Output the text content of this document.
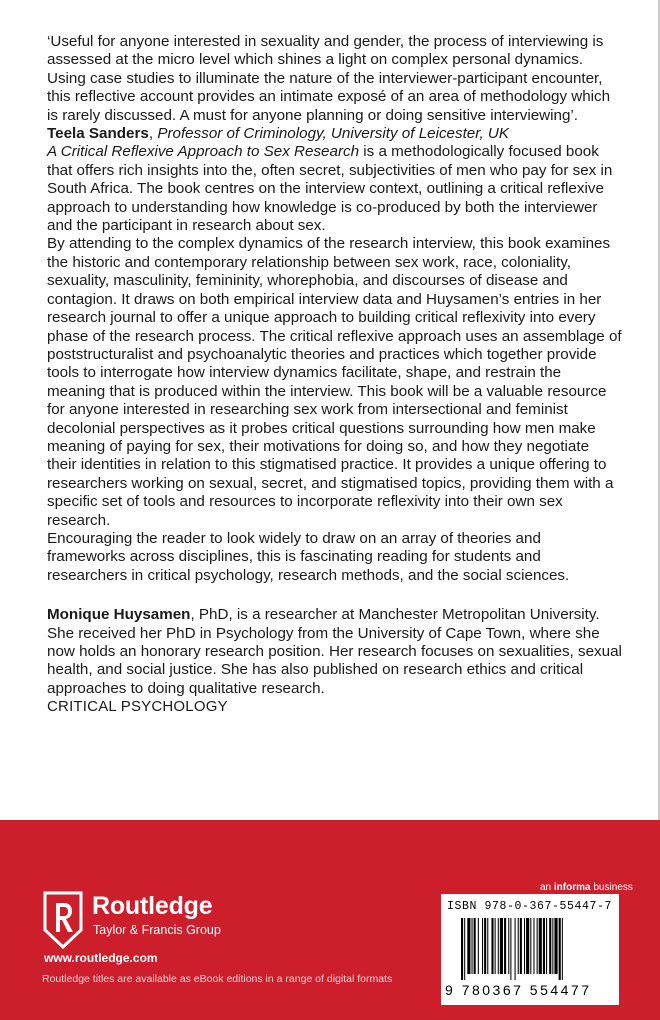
‘Useful for anyone interested in sexuality and gender, the process of interviewing is assessed at the micro level which shines a light on complex personal dynamics. Using case studies to illuminate the nature of the interviewer-participant encounter, this reflective account provides an intimate exposé of an area of methodology which is rarely discussed. A must for anyone planning or doing sensitive interviewing’.
Teela Sanders, Professor of Criminology, University of Leicester, UK

A Critical Reflexive Approach to Sex Research is a methodologically focused book that offers rich insights into the, often secret, subjectivities of men who pay for sex in South Africa. The book centres on the interview context, outlining a critical reflexive approach to understanding how knowledge is co-produced by both the interviewer and the participant in research about sex.

By attending to the complex dynamics of the research interview, this book examines the historic and contemporary relationship between sex work, race, coloniality, sexuality, masculinity, femininity, whorephobia, and discourses of disease and contagion. It draws on both empirical interview data and Huysamen’s entries in her research journal to offer a unique approach to building critical reflexivity into every phase of the research process. The critical reflexive approach uses an assemblage of poststructuralist and psychoanalytic theories and practices which together provide tools to interrogate how interview dynamics facilitate, shape, and restrain the meaning that is produced within the interview. This book will be a valuable resource for anyone interested in researching sex work from intersectional and feminist decolonial perspectives as it probes critical questions surrounding how men make meaning of paying for sex, their motivations for doing so, and how they negotiate their identities in relation to this stigmatised practice. It provides a unique offering to researchers working on sexual, secret, and stigmatised topics, providing them with a specific set of tools and resources to incorporate reflexivity into their own sex research.

Encouraging the reader to look widely to draw on an array of theories and frameworks across disciplines, this is fascinating reading for students and researchers in critical psychology, research methods, and the social sciences.

Monique Huysamen, PhD, is a researcher at Manchester Metropolitan University. She received her PhD in Psychology from the University of Cape Town, where she now holds an honorary research position. Her research focuses on sexualities, sexual health, and social justice. She has also published on research ethics and critical approaches to doing qualitative research.

CRITICAL PSYCHOLOGY

Routledge
Taylor & Francis Group
www.routledge.com
Routledge titles are available as eBook editions in a range of digital formats
an informa business
ISBN 978-0-367-55447-7
9 780367 554477
